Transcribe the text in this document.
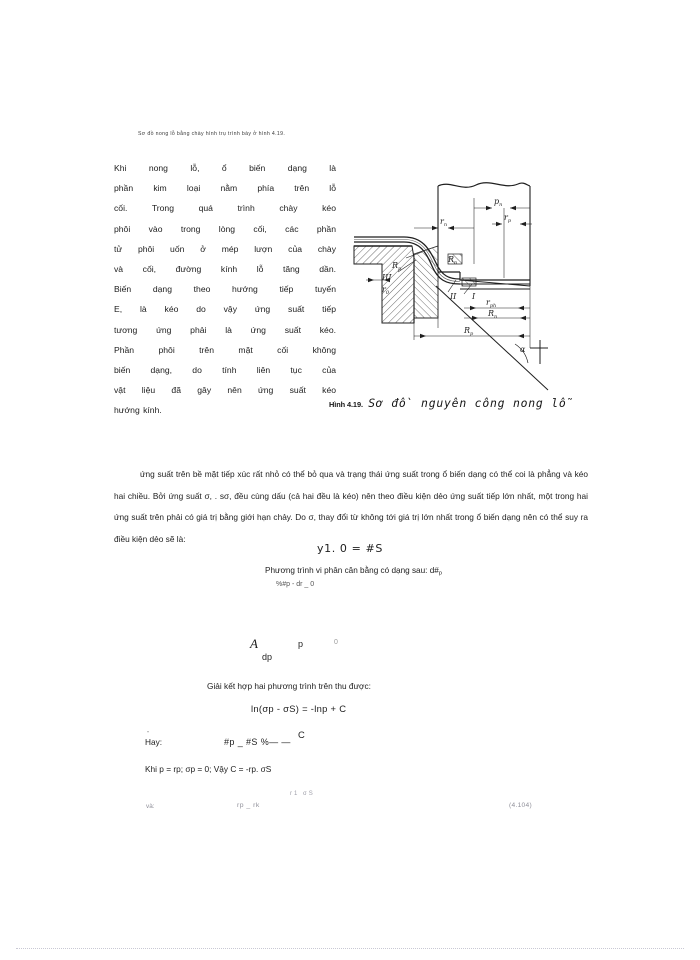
Sơ đồ nong lỗ bằng chày hình trụ trình bày ở hình 4.19.

Khi nong lỗ, ổ biến dạng là

phần kim loại nằm phía trên lỗ

cối. Trong quá trình chày kéo

phôi vào trong lòng cối, các phần

tử phôi uốn ở mép lượn của chày

và cối, đường kính lỗ tăng dần.

Biến dạng theo hướng tiếp tuyến

E, là kéo do vậy ứng suất tiếp

tương ứng phải là ứng suất kéo.

Phần phôi trên mặt cối không

biến dạng, do tính liên tục của

vật liệu đã gây nên ứng suất kéo

hướng kính.

$r_n$
$p_n$
$r_p$
$R_p$
$R_n$
$r_{ph}$
$R_n$
$R_p$
$r_0$
α
II I
III
Hình 4.19. Sơ đồ nguyên công nong lỗ

ứng suất trên bề mặt tiếp xúc rất nhỏ có thể bỏ qua và trạng thái ứng suất trong ổ biến dạng có thể coi là phẳng và kéo hai chiều. Bởi ứng suất σ, . sσ, đều cùng dấu (cả hai đều là kéo) nên theo điều kiện dẻo ứng suất tiếp lớn nhất, một trong hai ứng suất trên phải có giá trị bằng giới hạn chảy. Do σ, thay đổi từ không tới giá trị lớn nhất trong ổ biến dạng nên có thể suy ra điều kiện dẻo sẽ là:

y1. 0 = #S
Phương trình vi phân cân bằng có dạng sau: $d\#_p$
%#p - dr _ 0
A
dp
p	0
Giải kết hợp hai phương trình trên thu được:
ln(σp - σS) = -lnp + C
C
″
Hay:	#p _ #S %— ―
Khi p = rp; σp = 0; Vậy C = -rp. σS
r1 σS
và:	rp _ rk	(4.104)
